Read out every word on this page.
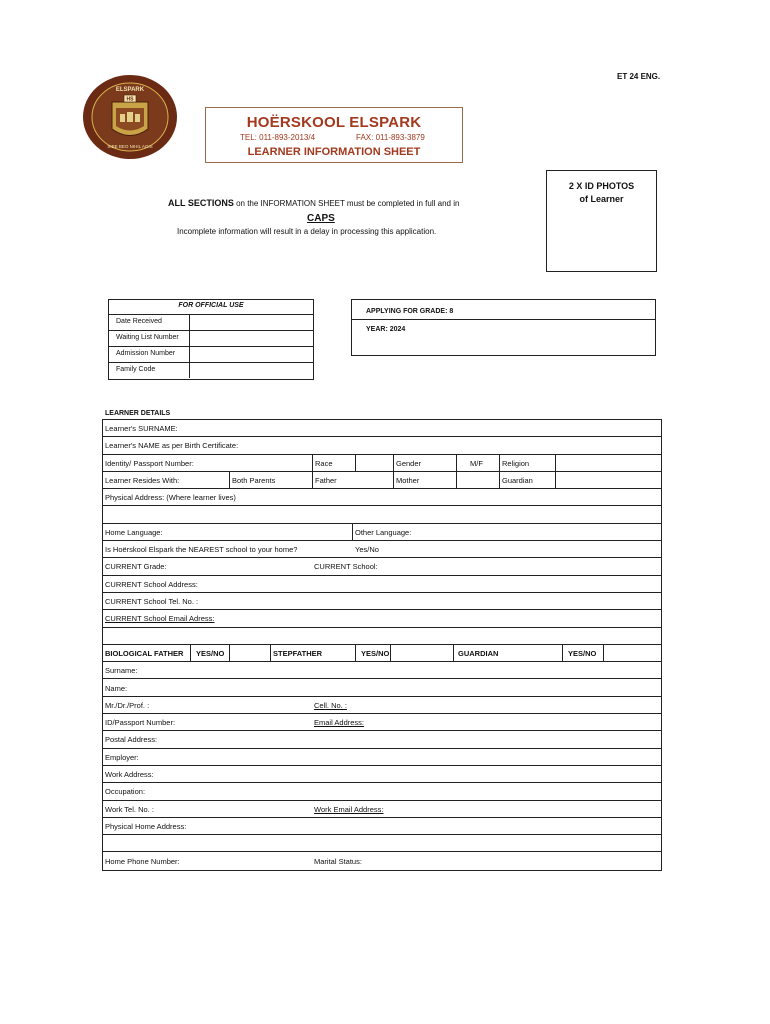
ET 24 ENG.
HS
ELSPARK
SIBE BEO NIHIL AGIS
HOËRSKOOL ELSPARK
TEL: 011-893-2013/4	FAX: 011-893-3879
LEARNER INFORMATION SHEET
2 X ID PHOTOS
of Learner
ALL SECTIONS on the INFORMATION SHEET must be completed in full and in
CAPS
Incomplete information will result in a delay in processing this application.
FOR OFFICIAL USE
Date Received
Waiting List Number
Admission Number
Family Code
APPLYING FOR GRADE: 8
YEAR: 2024
LEARNER DETAILS
Learner's SURNAME:
Learner's NAME as per Birth Certificate:
Identity/ Passport Number:	Race	Gender	M/F	Religion
Learner Resides With:	Both Parents	Father	Mother	Guardian
Physical Address: (Where learner lives)
Home Language:	Other Language:
Is Hoërskool Elspark the NEAREST school to your home?	Yes/No
CURRENT Grade:	CURRENT School:
CURRENT School Address:
CURRENT School Tel. No. :
CURRENT School Email Adress:
BIOLOGICAL FATHER YES/NO	STEPFATHER	YES/NO	GUARDIAN	YES/NO
Surname:
Name:
Mr./Dr./Prof. :	Cell. No. :
ID/Passport Number:	Email Address:
Postal Address:
Employer:
Work Address:
Occupation:
Work Tel. No. :	Work Email Address:
Physical Home Address:
Home Phone Number:	Marital Status:
